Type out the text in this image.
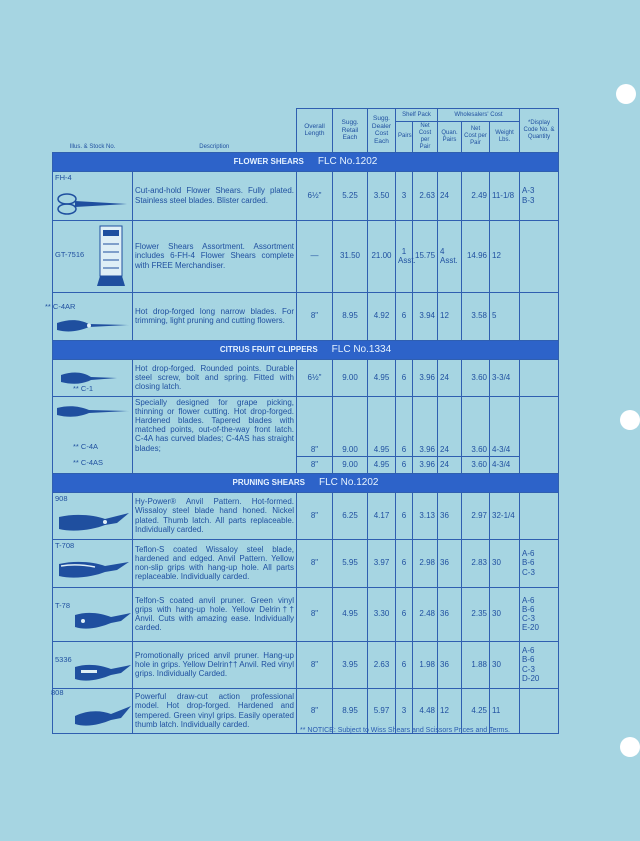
Illus. & Stock No.	Description	Overall Length	Sugg. Retail Each	Sugg. Dealer Cost Each	Shelf Pack		Wholesalers' Cost			*Display Code No. & Quantity
					Pairs	Net Cost per Pair	Quan. Pairs	Net Cost per Pair	Weight Lbs.	
FLOWER SHEARS FLC No.1202										

FH-4	Cut-and-hold Flower Shears. Fully plated. Stainless steel blades. Blister carded.	6½"	5.25	3.50	3	2.63	24	2.49	11-1/8	A-3
B-3

GT-7516	Flower Shears Assortment. Assortment includes 6-FH-4 Flower Shears complete with FREE Merchandiser.	—	31.50	21.00	1
Asst.	15.75	4
Asst.	14.96	12	

** C-4AR	Hot drop-forged long narrow blades. For trimming, light pruning and cutting flowers.	8"	8.95	4.92	6	3.94	12	3.58	5	
CITRUS FRUIT CLIPPERS FLC No.1334										

** C-1	Hot drop-forged. Rounded points. Durable steel screw, bolt and spring. Fitted with closing latch.	6½"	9.00	4.95	6	3.96	24	3.60	3-3/4	

** C-4A
** C-4AS	Specially designed for grape picking, thinning or flower cutting. Hot drop-forged. Hardened blades. Tapered blades with matched points, out-of-the-way front latch. C-4A has curved blades; C-4AS has straight blades;	8"	9.00	4.95	6	3.96	24	3.60	4-3/4	
		8"	9.00	4.95	6	3.96	24	3.60	4-3/4	
PRUNING SHEARS FLC No.1202										

908	Hy-Power® Anvil Pattern. Hot-formed. Wissaloy steel blade hand honed. Nickel plated. Thumb latch. All parts replaceable. Individually carded.	8"	6.25	4.17	6	3.13	36	2.97	32-1/4	

T-708	Teflon-S coated Wissaloy steel blade, hardened and edged. Anvil Pattern. Yellow non-slip grips with hang-up hole. All parts replaceable. Individually carded.	8"	5.95	3.97	6	2.98	36	2.83	30	A-6
B-6
C-3

T-78	Telfon-S coated anvil pruner. Green vinyl grips with hang-up hole. Yellow Delrin†† Anvil. Cuts with amazing ease. Individually carded.	8"	4.95	3.30	6	2.48	36	2.35	30	A-6
B-6
C-3
E-20

5336	Promotionally priced anvil pruner. Hang-up hole in grips. Yellow Delrin†† Anvil. Red vinyl grips. Individually Carded.	8"	3.95	2.63	6	1.98	36	1.88	30	A-6
B-6
C-3
D-20

808	Powerful draw-cut action professional model. Hot drop-forged. Hardened and tempered. Green vinyl grips. Easily operated thumb latch. Individually carded.	8"	8.95	5.97	3	4.48	12	4.25	11	
** NOTICE: Subject to Wiss Shears and Scissors Prices and Terms.
